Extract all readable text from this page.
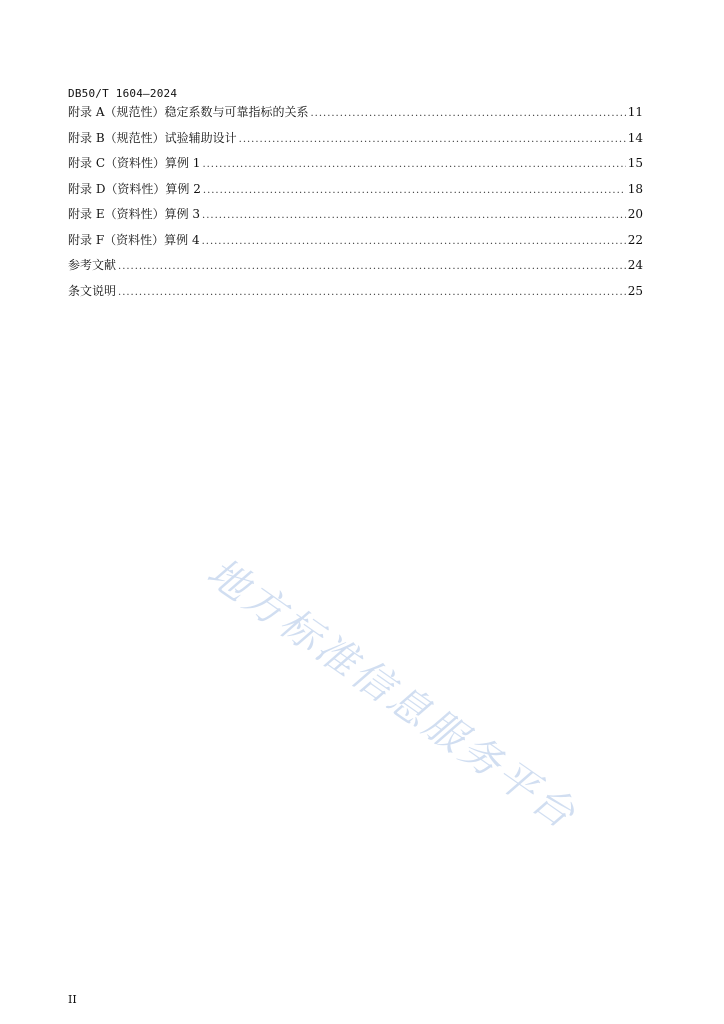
DB50/T 1604—2024
附录 A（规范性）稳定系数与可靠指标的关系 .....	11
附录 B（规范性）试验辅助设计 .....	14
附录 C（资料性）算例 1 .....	15
附录 D（资料性）算例 2 .....	18
附录 E（资料性）算例 3 .....	20
附录 F（资料性）算例 4 .....	22
参考文献 .....	24
条文说明 .....	25
地方标准信息服务平台
II
